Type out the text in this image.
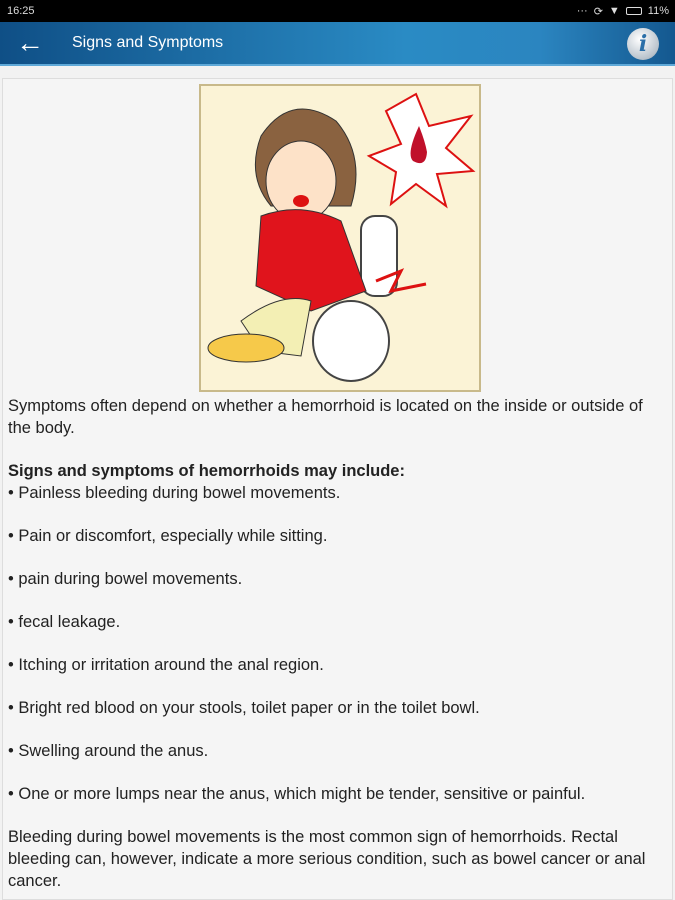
16:25	··· ⟳ ▼	11%
← Signs and Symptoms	i

Symptoms often depend on whether a hemorrhoid is located on the inside or outside of the body.

Signs and symptoms of hemorrhoids may include:

• Painless bleeding during bowel movements.

• Pain or discomfort, especially while sitting.

• pain during bowel movements.

• fecal leakage.

• Itching or irritation around the anal region.

• Bright red blood on your stools, toilet paper or in the toilet bowl.

• Swelling around the anus.

• One or more lumps near the anus, which might be tender, sensitive or painful.

Bleeding during bowel movements is the most common sign of hemorrhoids. Rectal bleeding can, however, indicate a more serious condition, such as bowel cancer or anal cancer.
